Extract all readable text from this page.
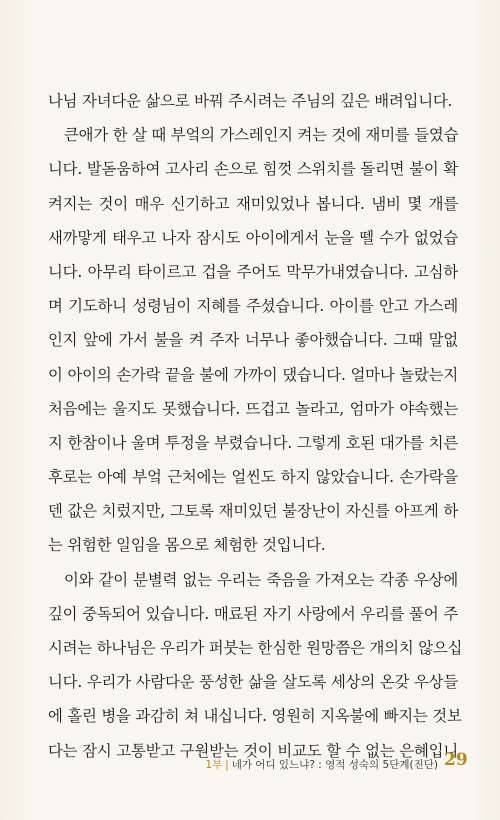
나님 자녀다운 삶으로 바꿔 주시려는 주님의 깊은 배려입니다.
큰애가 한 살 때 부엌의 가스레인지 켜는 것에 재미를 들였습
니다. 발돋움하여 고사리 손으로 힘껏 스위치를 돌리면 불이 확
켜지는 것이 매우 신기하고 재미있었나 봅니다. 냄비 몇 개를
새까맣게 태우고 나자 잠시도 아이에게서 눈을 뗄 수가 없었습
니다. 아무리 타이르고 겁을 주어도 막무가내였습니다. 고심하
며 기도하니 성령님이 지혜를 주셨습니다. 아이를 안고 가스레
인지 앞에 가서 불을 켜 주자 너무나 좋아했습니다. 그때 말없
이 아이의 손가락 끝을 불에 가까이 댔습니다. 얼마나 놀랐는지
처음에는 울지도 못했습니다. 뜨겁고 놀라고, 엄마가 야속했는
지 한참이나 울며 투정을 부렸습니다. 그렇게 호된 대가를 치른
후로는 아예 부엌 근처에는 얼씬도 하지 않았습니다. 손가락을
덴 값은 치렀지만, 그토록 재미있던 불장난이 자신를 아프게 하
는 위험한 일임을 몸으로 체험한 것입니다.
이와 같이 분별력 없는 우리는 죽음을 가져오는 각종 우상에
깊이 중독되어 있습니다. 매료된 자기 사랑에서 우리를 풀어 주
시려는 하나님은 우리가 퍼붓는 한심한 원망쯤은 개의치 않으십
니다. 우리가 사람다운 풍성한 삶을 살도록 세상의 온갖 우상들
에 홀린 병을 과감히 쳐 내십니다. 영원히 지옥불에 빠지는 것보
다는 잠시 고통받고 구원받는 것이 비교도 할 수 없는 은혜입니
1부 | 네가 어디 있느냐? : 영적 성숙의 5단계(진단) 29
